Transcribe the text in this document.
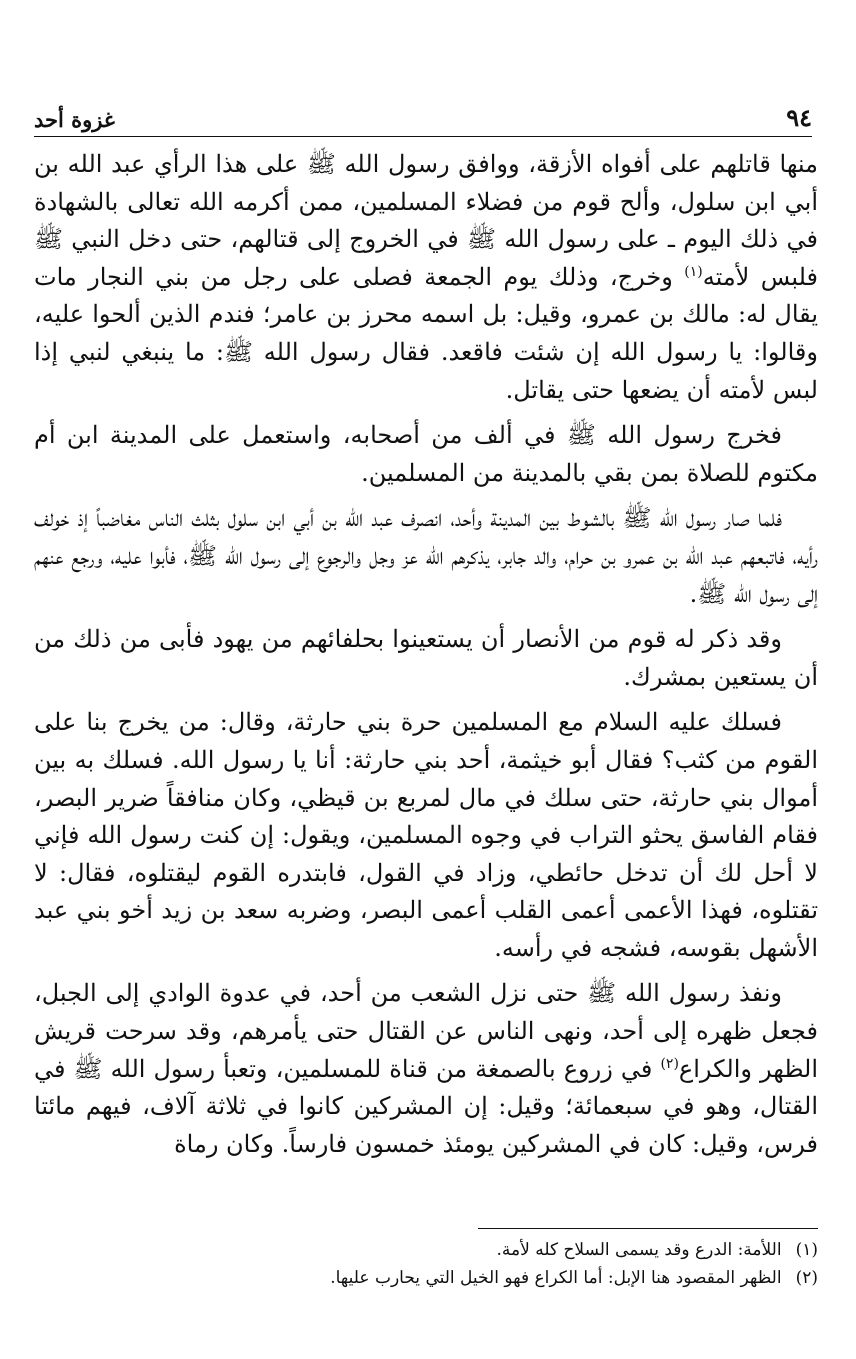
٩٤
غزوة أحد

منها قاتلهم على أفواه الأزقة، ووافق رسول الله ﷺ على هذا الرأي عبد الله بن أبي ابن سلول، وألح قوم من فضلاء المسلمين، ممن أكرمه الله تعالى بالشهادة في ذلك اليوم ـ على رسول الله ﷺ في الخروج إلى قتالهم، حتى دخل النبي ﷺ فلبس لأمته$^{(١)}$ وخرج، وذلك يوم الجمعة فصلى على رجل من بني النجار مات يقال له: مالك بن عمرو، وقيل: بل اسمه محرز بن عامر؛ فندم الذين ألحوا عليه، وقالوا: يا رسول الله إن شئت فاقعد. فقال رسول الله ﷺ: ما ينبغي لنبي إذا لبس لأمته أن يضعها حتى يقاتل.

فخرج رسول الله ﷺ في ألف من أصحابه، واستعمل على المدينة ابن أم مكتوم للصلاة بمن بقي بالمدينة من المسلمين.

فلما صار رسول الله ﷺ بالشوط بين المدينة وأحد، انصرف عبد الله بن أبي ابن سلول بثلث الناس مغاضباً إذ خولف رأيه، فاتبعهم عبد الله بن عمرو بن حرام، والد جابر، يذكرهم الله عز وجل والرجوع إلى رسول الله ﷺ، فأبوا عليه، ورجع عنهم إلى رسول الله ﷺ.

وقد ذكر له قوم من الأنصار أن يستعينوا بحلفائهم من يهود فأبى من ذلك من أن يستعين بمشرك.

فسلك عليه السلام مع المسلمين حرة بني حارثة، وقال: من يخرج بنا على القوم من كثب؟ فقال أبو خيثمة، أحد بني حارثة: أنا يا رسول الله. فسلك به بين أموال بني حارثة، حتى سلك في مال لمربع بن قيظي، وكان منافقاً ضرير البصر، فقام الفاسق يحثو التراب في وجوه المسلمين، ويقول: إن كنت رسول الله فإني لا أحل لك أن تدخل حائطي، وزاد في القول، فابتدره القوم ليقتلوه، فقال: لا تقتلوه، فهذا الأعمى أعمى القلب أعمى البصر، وضربه سعد بن زيد أخو بني عبد الأشهل بقوسه، فشجه في رأسه.

ونفذ رسول الله ﷺ حتى نزل الشعب من أحد، في عدوة الوادي إلى الجبل، فجعل ظهره إلى أحد، ونهى الناس عن القتال حتى يأمرهم، وقد سرحت قريش الظهر والكراع$^{(٢)}$ في زروع بالصمغة من قناة للمسلمين، وتعبأ رسول الله ﷺ في القتال، وهو في سبعمائة؛ وقيل: إن المشركين كانوا في ثلاثة آلاف، فيهم مائتا فرس، وقيل: كان في المشركين يومئذ خمسون فارساً. وكان رماة

(١)
اللأمة: الدرع وقد يسمى السلاح كله لأمة.
(٢)
الظهر المقصود هنا الإبل: أما الكراع فهو الخيل التي يحارب عليها.
